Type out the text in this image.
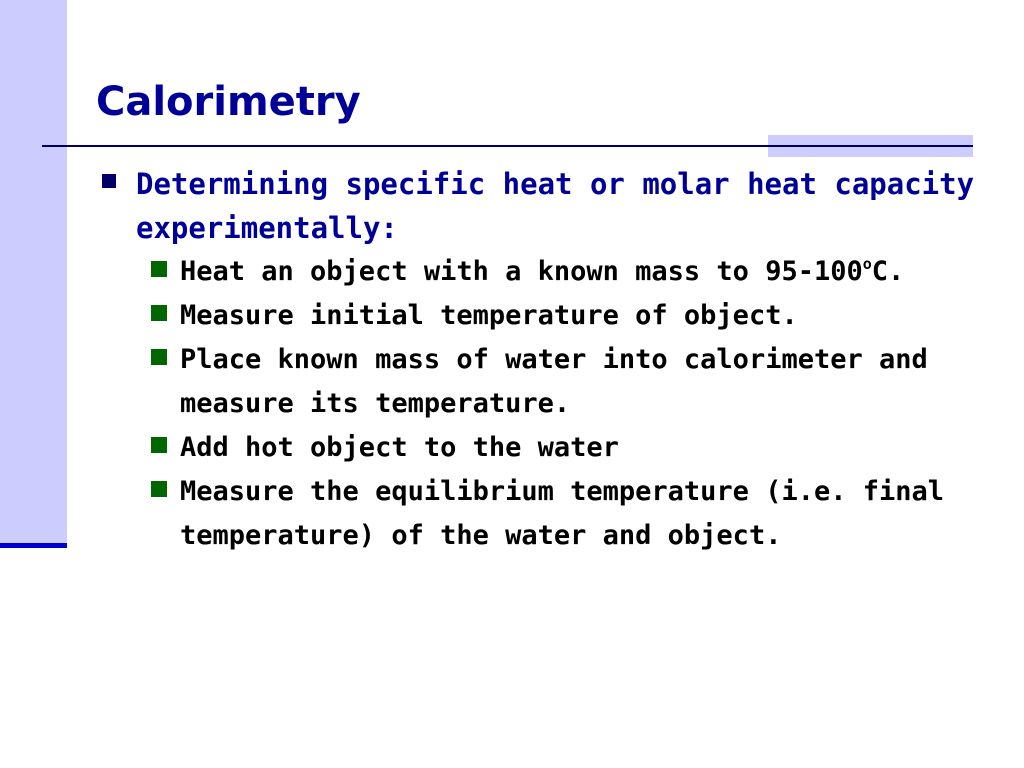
Calorimetry
Determining specific heat or molar heat capacity experimentally:
Heat an object with a known mass to 95-100$^o$C.
Measure initial temperature of object.
Place known mass of water into calorimeter and measure its temperature.
Add hot object to the water
Measure the equilibrium temperature (i.e. final temperature) of the water and object.
